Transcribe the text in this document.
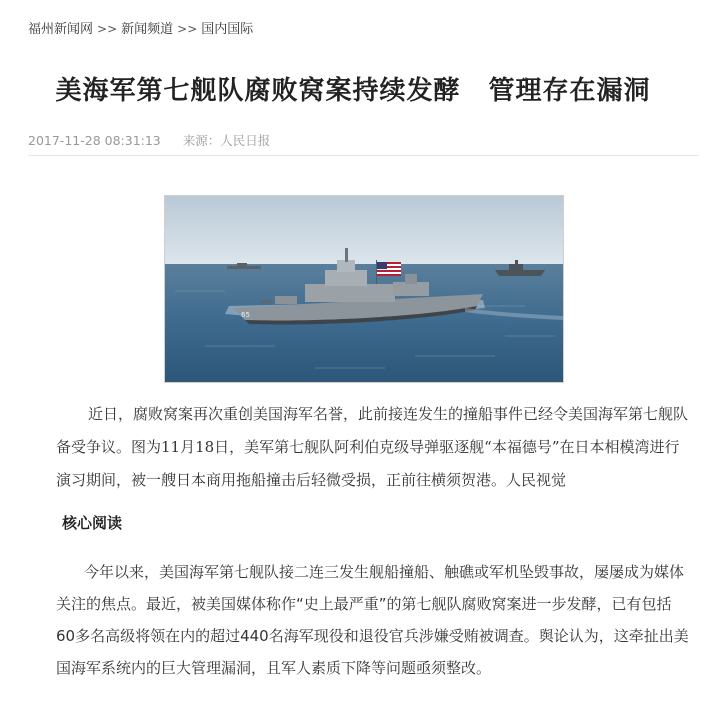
福州新闻网 >> 新闻频道 >> 国内国际
美海军第七舰队腐败窝案持续发酵 管理存在漏洞
2017-11-28 08:31:13 来源：人民日报
65

近日，腐败窝案再次重创美国海军名誉，此前接连发生的撞船事件已经令美国海军第七舰队备受争议。图为11月18日，美军第七舰队阿利伯克级导弹驱逐舰“本福德号”在日本相模湾进行演习期间，被一艘日本商用拖船撞击后轻微受损，正前往横须贺港。人民视觉

核心阅读

今年以来，美国海军第七舰队接二连三发生舰船撞船、触礁或军机坠毁事故，屡屡成为媒体关注的焦点。最近，被美国媒体称作“史上最严重”的第七舰队腐败窝案进一步发酵，已有包括60多名高级将领在内的超过440名海军现役和退役官兵涉嫌受贿被调查。舆论认为，这牵扯出美国海军系统内的巨大管理漏洞，且军人素质下降等问题亟须整改。
